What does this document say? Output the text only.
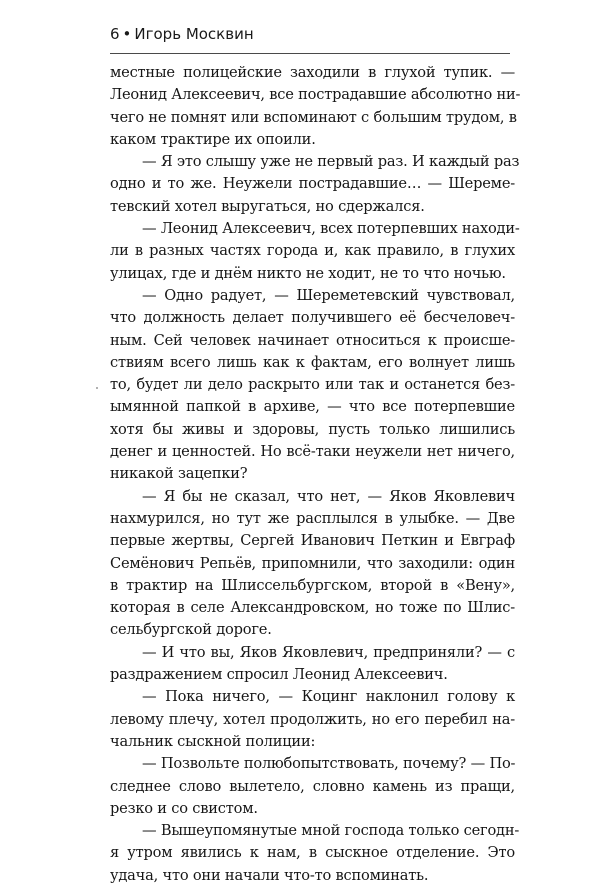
6 • Игорь Москвин
местные полицейские заходили в глухой тупик. —
Леонид Алексеевич, все пострадавшие абсолютно ни-
чего не помнят или вспоминают с большим трудом, в
каком трактире их опоили.
— Я это слышу уже не первый раз. И каждый раз
одно и то же. Неужели пострадавшие… — Шереме-
тевский хотел выругаться, но сдержался.
— Леонид Алексеевич, всех потерпевших находи-
ли в разных частях города и, как правило, в глухих
улицах, где и днём никто не ходит, не то что ночью.
— Одно радует, — Шереметевский чувствовал,
что должность делает получившего её бесчеловеч-
ным. Сей человек начинает относиться к происше-
ствиям всего лишь как к фактам, его волнует лишь
то, будет ли дело раскрыто или так и останется без-
ымянной папкой в архиве, — что все потерпевшие
хотя бы живы и здоровы, пусть только лишились
денег и ценностей. Но всё-таки неужели нет ничего,
никакой зацепки?
— Я бы не сказал, что нет, — Яков Яковлевич
нахмурился, но тут же расплылся в улыбке. — Две
первые жертвы, Сергей Иванович Петкин и Евграф
Семёнович Репьёв, припомнили, что заходили: один
в трактир на Шлиссельбургском, второй в «Вену»,
которая в селе Александровском, но тоже по Шлис-
сельбургской дороге.
— И что вы, Яков Яковлевич, предприняли? — с
раздражением спросил Леонид Алексеевич.
— Пока ничего, — Коцинг наклонил голову к
левому плечу, хотел продолжить, но его перебил на-
чальник сыскной полиции:
— Позвольте полюбопытствовать, почему? — По-
следнее слово вылетело, словно камень из пращи,
резко и со свистом.
— Вышеупомянутые мной господа только сегодн-
я утром явились к нам, в сыскное отделение. Это
удача, что они начали что-то вспоминать.
